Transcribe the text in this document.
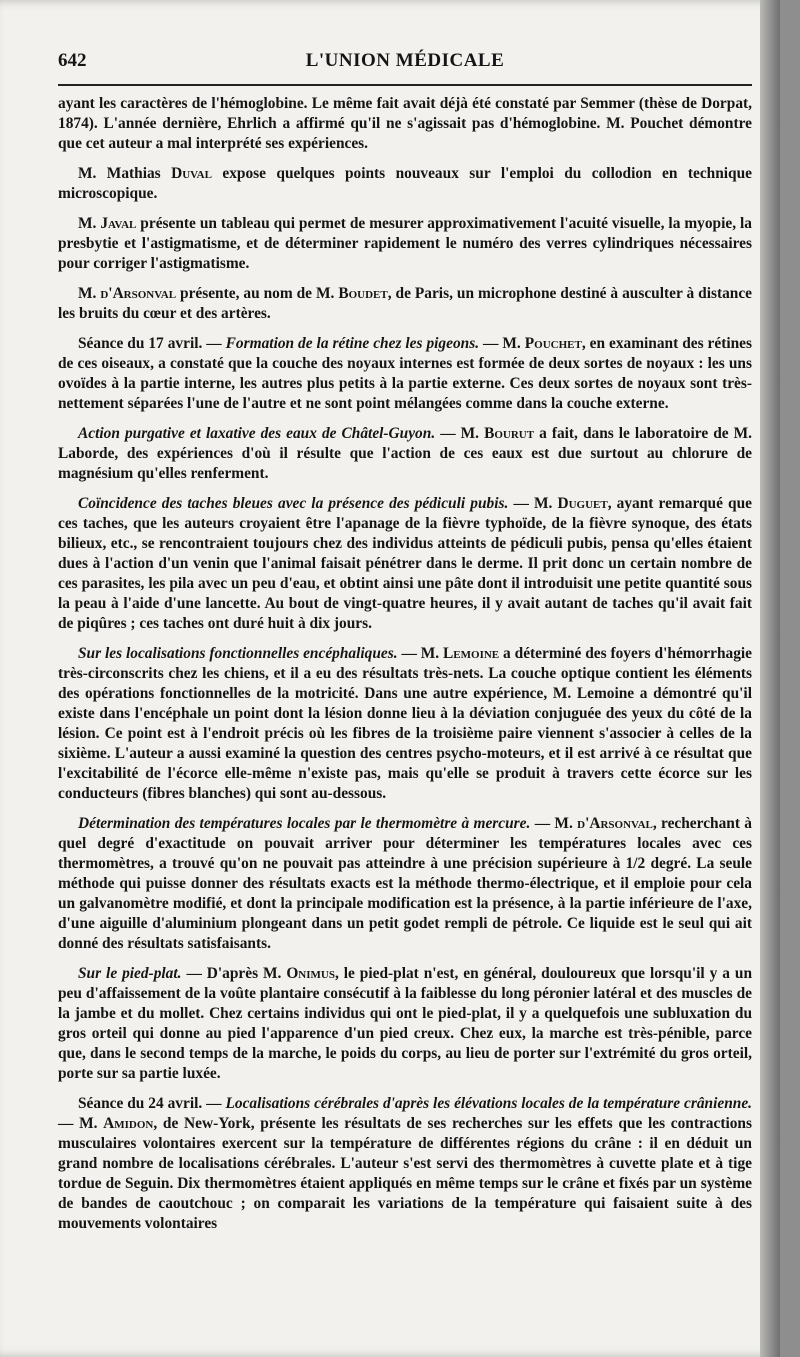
642	L'UNION MÉDICALE

ayant les caractères de l'hémoglobine. Le même fait avait déjà été constaté par Semmer (thèse de Dorpat, 1874). L'année dernière, Ehrlich a affirmé qu'il ne s'agissait pas d'hémoglobine. M. Pouchet démontre que cet auteur a mal interprété ses expériences.

M. Mathias Duval expose quelques points nouveaux sur l'emploi du collodion en technique microscopique.

M. Javal présente un tableau qui permet de mesurer approximativement l'acuité visuelle, la myopie, la presbytie et l'astigmatisme, et de déterminer rapidement le numéro des verres cylindriques nécessaires pour corriger l'astigmatisme.

M. d'Arsonval présente, au nom de M. Boudet, de Paris, un microphone destiné à ausculter à distance les bruits du cœur et des artères.

Séance du 17 avril. — Formation de la rétine chez les pigeons. — M. Pouchet, en examinant des rétines de ces oiseaux, a constaté que la couche des noyaux internes est formée de deux sortes de noyaux : les uns ovoïdes à la partie interne, les autres plus petits à la partie externe. Ces deux sortes de noyaux sont très-nettement séparées l'une de l'autre et ne sont point mélangées comme dans la couche externe.

Action purgative et laxative des eaux de Châtel-Guyon. — M. Bourut a fait, dans le laboratoire de M. Laborde, des expériences d'où il résulte que l'action de ces eaux est due surtout au chlorure de magnésium qu'elles renferment.

Coïncidence des taches bleues avec la présence des pédiculi pubis. — M. Duguet, ayant remarqué que ces taches, que les auteurs croyaient être l'apanage de la fièvre typhoïde, de la fièvre synoque, des états bilieux, etc., se rencontraient toujours chez des individus atteints de pédiculi pubis, pensa qu'elles étaient dues à l'action d'un venin que l'animal faisait pénétrer dans le derme. Il prit donc un certain nombre de ces parasites, les pila avec un peu d'eau, et obtint ainsi une pâte dont il introduisit une petite quantité sous la peau à l'aide d'une lancette. Au bout de vingt-quatre heures, il y avait autant de taches qu'il avait fait de piqûres ; ces taches ont duré huit à dix jours.

Sur les localisations fonctionnelles encéphaliques. — M. Lemoine a déterminé des foyers d'hémorrhagie très-circonscrits chez les chiens, et il a eu des résultats très-nets. La couche optique contient les éléments des opérations fonctionnelles de la motricité. Dans une autre expérience, M. Lemoine a démontré qu'il existe dans l'encéphale un point dont la lésion donne lieu à la déviation conjuguée des yeux du côté de la lésion. Ce point est à l'endroit précis où les fibres de la troisième paire viennent s'associer à celles de la sixième. L'auteur a aussi examiné la question des centres psycho-moteurs, et il est arrivé à ce résultat que l'excitabilité de l'écorce elle-même n'existe pas, mais qu'elle se produit à travers cette écorce sur les conducteurs (fibres blanches) qui sont au-dessous.

Détermination des températures locales par le thermomètre à mercure. — M. d'Arsonval, recherchant à quel degré d'exactitude on pouvait arriver pour déterminer les températures locales avec ces thermomètres, a trouvé qu'on ne pouvait pas atteindre à une précision supérieure à 1/2 degré. La seule méthode qui puisse donner des résultats exacts est la méthode thermo-électrique, et il emploie pour cela un galvanomètre modifié, et dont la principale modification est la présence, à la partie inférieure de l'axe, d'une aiguille d'aluminium plongeant dans un petit godet rempli de pétrole. Ce liquide est le seul qui ait donné des résultats satisfaisants.

Sur le pied-plat. — D'après M. Onimus, le pied-plat n'est, en général, douloureux que lorsqu'il y a un peu d'affaissement de la voûte plantaire consécutif à la faiblesse du long péronier latéral et des muscles de la jambe et du mollet. Chez certains individus qui ont le pied-plat, il y a quelquefois une subluxation du gros orteil qui donne au pied l'apparence d'un pied creux. Chez eux, la marche est très-pénible, parce que, dans le second temps de la marche, le poids du corps, au lieu de porter sur l'extrémité du gros orteil, porte sur sa partie luxée.

Séance du 24 avril. — Localisations cérébrales d'après les élévations locales de la température crânienne. — M. Amidon, de New-York, présente les résultats de ses recherches sur les effets que les contractions musculaires volontaires exercent sur la température de différentes régions du crâne : il en déduit un grand nombre de localisations cérébrales. L'auteur s'est servi des thermomètres à cuvette plate et à tige tordue de Seguin. Dix thermomètres étaient appliqués en même temps sur le crâne et fixés par un système de bandes de caoutchouc ; on comparait les variations de la température qui faisaient suite à des mouvements volontaires
